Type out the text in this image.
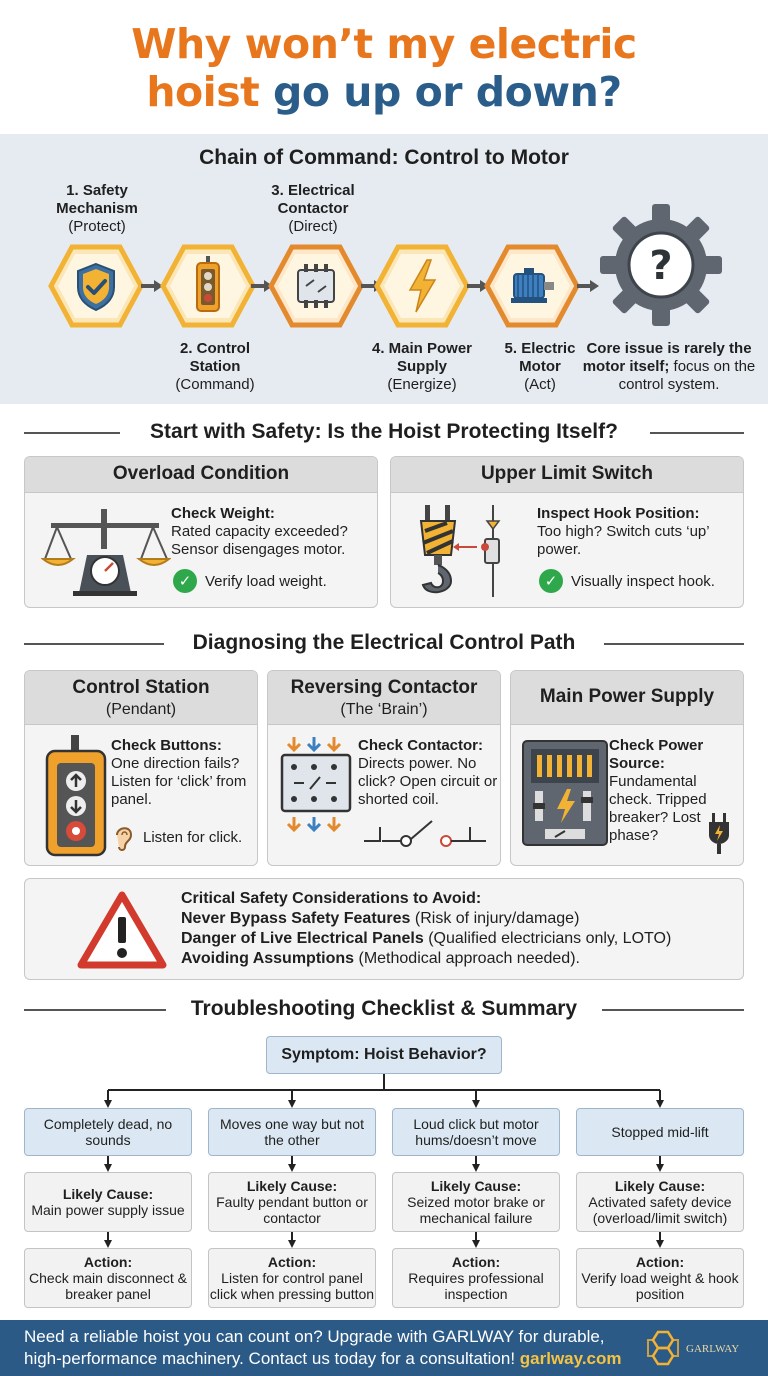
Why won’t my electric
hoist go up or down?
Chain of Command: Control to Motor
1. Safety Mechanism
(Protect)
2. Control Station
(Command)
3. Electrical Contactor
(Direct)
4. Main Power Supply
(Energize)
5. Electric Motor
(Act)
?
Core issue is rarely the motor itself; focus on the control system.
Start with Safety: Is the Hoist Protecting Itself?
Overload Condition
Check Weight:
Rated capacity exceeded? Sensor disengages motor.
✓ Verify load weight.
Upper Limit Switch
Inspect Hook Position:
Too high? Switch cuts ‘up’ power.
✓ Visually inspect hook.
Diagnosing the Electrical Control Path
Control Station
(Pendant)
Check Buttons:
One direction fails? Listen for ‘click’ from panel.
Listen for click.
Reversing Contactor
(The ‘Brain’)
Check Contactor:
Directs power. No click? Open circuit or shorted coil.
Main Power Supply
Check Power Source:
Fundamental check. Tripped breaker? Lost phase?
Critical Safety Considerations to Avoid:
Never Bypass Safety Features (Risk of injury/damage)
Danger of Live Electrical Panels (Qualified electricians only, LOTO)
Avoiding Assumptions (Methodical approach needed).
Troubleshooting Checklist & Summary
Symptom: Hoist Behavior?
Completely dead, no sounds
Likely Cause:
Main power supply issue
Action:
Check main disconnect & breaker panel
Moves one way but not the other
Likely Cause:
Faulty pendant button or contactor
Action:
Listen for control panel click when pressing button
Loud click but motor hums/doesn’t move
Likely Cause:
Seized motor brake or mechanical failure
Action:
Requires professional inspection
Stopped mid-lift
Likely Cause:
Activated safety device (overload/limit switch)
Action:
Verify load weight & hook position
Need a reliable hoist you can count on? Upgrade with GARLWAY for durable, high-performance machinery. Contact us today for a consultation! garlway.com	GARLWAY
